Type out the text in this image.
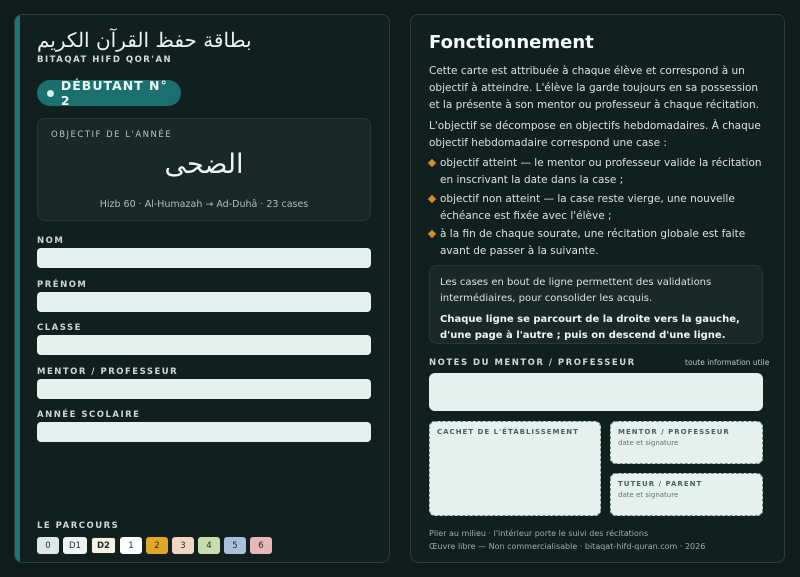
بطاقة حفظ القرآن الكريم
BITAQAT HIFD QOR'AN
DÉBUTANT N° 2
OBJECTIF DE L'ANNÉE
الضحى
Hizb 60 · Al-Humazah → Ad-Duhâ · 23 cases
NOM
PRÉNOM
CLASSE
MENTOR / PROFESSEUR
ANNÉE SCOLAIRE
LE PARCOURS
0	D1	D2	1	2	3	4	5	6
Fonctionnement
Cette carte est attribuée à chaque élève et correspond à un objectif à atteindre. L'élève la garde toujours en sa possession et la présente à son mentor ou professeur à chaque récitation.
L'objectif se décompose en objectifs hebdomadaires. À chaque objectif hebdomadaire correspond une case :
objectif atteint — le mentor ou professeur valide la récitation en inscrivant la date dans la case ;
objectif non atteint — la case reste vierge, une nouvelle échéance est fixée avec l'élève ;
à la fin de chaque sourate, une récitation globale est faite avant de passer à la suivante.
Les cases en bout de ligne permettent des validations intermédiaires, pour consolider les acquis.
Chaque ligne se parcourt de la droite vers la gauche, d'une page à l'autre ; puis on descend d'une ligne.
NOTES DU MENTOR / PROFESSEUR	toute information utile
CACHET DE L'ÉTABLISSEMENT	MENTOR / PROFESSEUR
date et signature
TUTEUR / PARENT
date et signature
Plier au milieu · l'intérieur porte le suivi des récitations
Œuvre libre — Non commercialisable · bitaqat-hifd-quran.com · 2026
